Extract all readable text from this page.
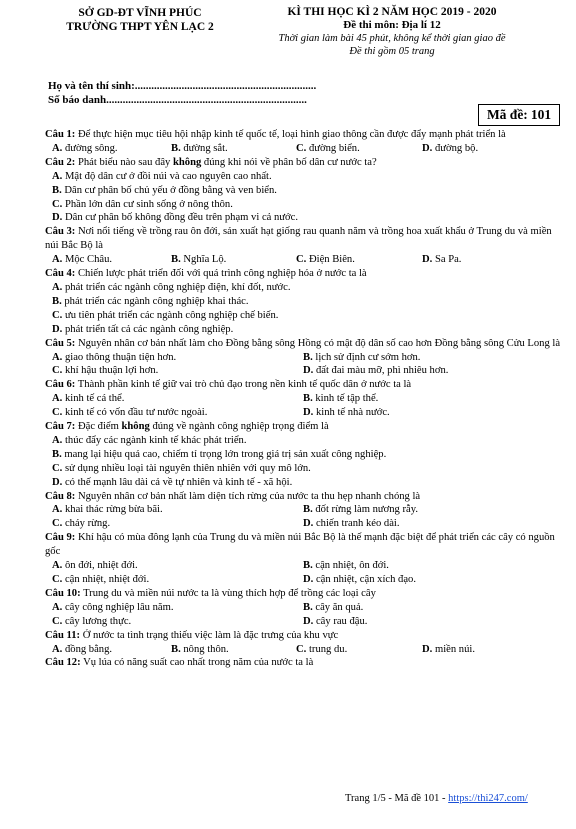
SỞ GD-ĐT VĨNH PHÚC
TRƯỜNG THPT YÊN LẠC 2
KÌ THI HỌC KÌ 2 NĂM HỌC 2019 - 2020
Đề thi môn: Địa lí 12
Thời gian làm bài 45 phút, không kể thời gian giao đề
Đề thi gồm 05 trang
Họ và tên thí sinh:..................................................................
Số báo danh.........................................................................
Mã đề: 101
Câu 1: Để thực hiện mục tiêu hội nhập kinh tế quốc tế, loại hình giao thông cần được đẩy mạnh phát triển là
A. đường sông.	B. đường sắt.	C. đường biển.	D. đường bộ.
Câu 2: Phát biểu nào sau đây không đúng khi nói về phân bố dân cư nước ta?
A. Mật độ dân cư ở đồi núi và cao nguyên cao nhất.
B. Dân cư phân bố chủ yếu ở đồng bằng và ven biển.
C. Phần lớn dân cư sinh sống ở nông thôn.
D. Dân cư phân bố không đồng đều trên phạm vi cả nước.
Câu 3: Nơi nổi tiếng về trồng rau ôn đới, sản xuất hạt giống rau quanh năm và trồng hoa xuất khẩu ở Trung du và miền núi Bắc Bộ là
A. Mộc Châu.	B. Nghĩa Lộ.	C. Điện Biên.	D. Sa Pa.
Câu 4: Chiến lược phát triển đối với quá trình công nghiệp hóa ở nước ta là
A. phát triển các ngành công nghiệp điện, khí đốt, nước.
B. phát triển các ngành công nghiệp khai thác.
C. ưu tiên phát triển các ngành công nghiệp chế biến.
D. phát triển tất cả các ngành công nghiệp.
Câu 5: Nguyên nhân cơ bản nhất làm cho Đồng bằng sông Hồng có mật độ dân số cao hơn Đồng bằng sông Cửu Long là
A. giao thông thuận tiện hơn.	B. lịch sử định cư sớm hơn.
C. khí hậu thuận lợi hơn.	D. đất đai màu mỡ, phì nhiêu hơn.
Câu 6: Thành phần kinh tế giữ vai trò chủ đạo trong nền kinh tế quốc dân ở nước ta là
A. kinh tế cá thể.	B. kinh tế tập thể.
C. kinh tế có vốn đầu tư nước ngoài.	D. kinh tế nhà nước.
Câu 7: Đặc điểm không đúng về ngành công nghiệp trọng điểm là
A. thúc đẩy các ngành kinh tế khác phát triển.
B. mang lại hiệu quả cao, chiếm tỉ trọng lớn trong giá trị sản xuất công nghiệp.
C. sử dụng nhiều loại tài nguyên thiên nhiên với quy mô lớn.
D. có thế mạnh lâu dài cả về tự nhiên và kinh tế - xã hội.
Câu 8: Nguyên nhân cơ bản nhất làm diện tích rừng của nước ta thu hẹp nhanh chóng là
A. khai thác rừng bừa bãi.	B. đốt rừng làm nương rẫy.
C. cháy rừng.	D. chiến tranh kéo dài.
Câu 9: Khí hậu có mùa đông lạnh của Trung du và miền núi Bắc Bộ là thế mạnh đặc biệt để phát triển các cây có nguồn gốc
A. ôn đới, nhiệt đới.	B. cận nhiệt, ôn đới.
C. cận nhiệt, nhiệt đới.	D. cận nhiệt, cận xích đạo.
Câu 10: Trung du và miền núi nước ta là vùng thích hợp để trồng các loại cây
A. cây công nghiệp lâu năm.	B. cây ăn quả.
C. cây lương thực.	D. cây rau đậu.
Câu 11: Ở nước ta tình trạng thiếu việc làm là đặc trưng của khu vực
A. đồng bằng.	B. nông thôn.	C. trung du.	D. miền núi.
Câu 12: Vụ lúa có năng suất cao nhất trong năm của nước ta là
Trang 1/5 - Mã đề 101 - https://thi247.com/
